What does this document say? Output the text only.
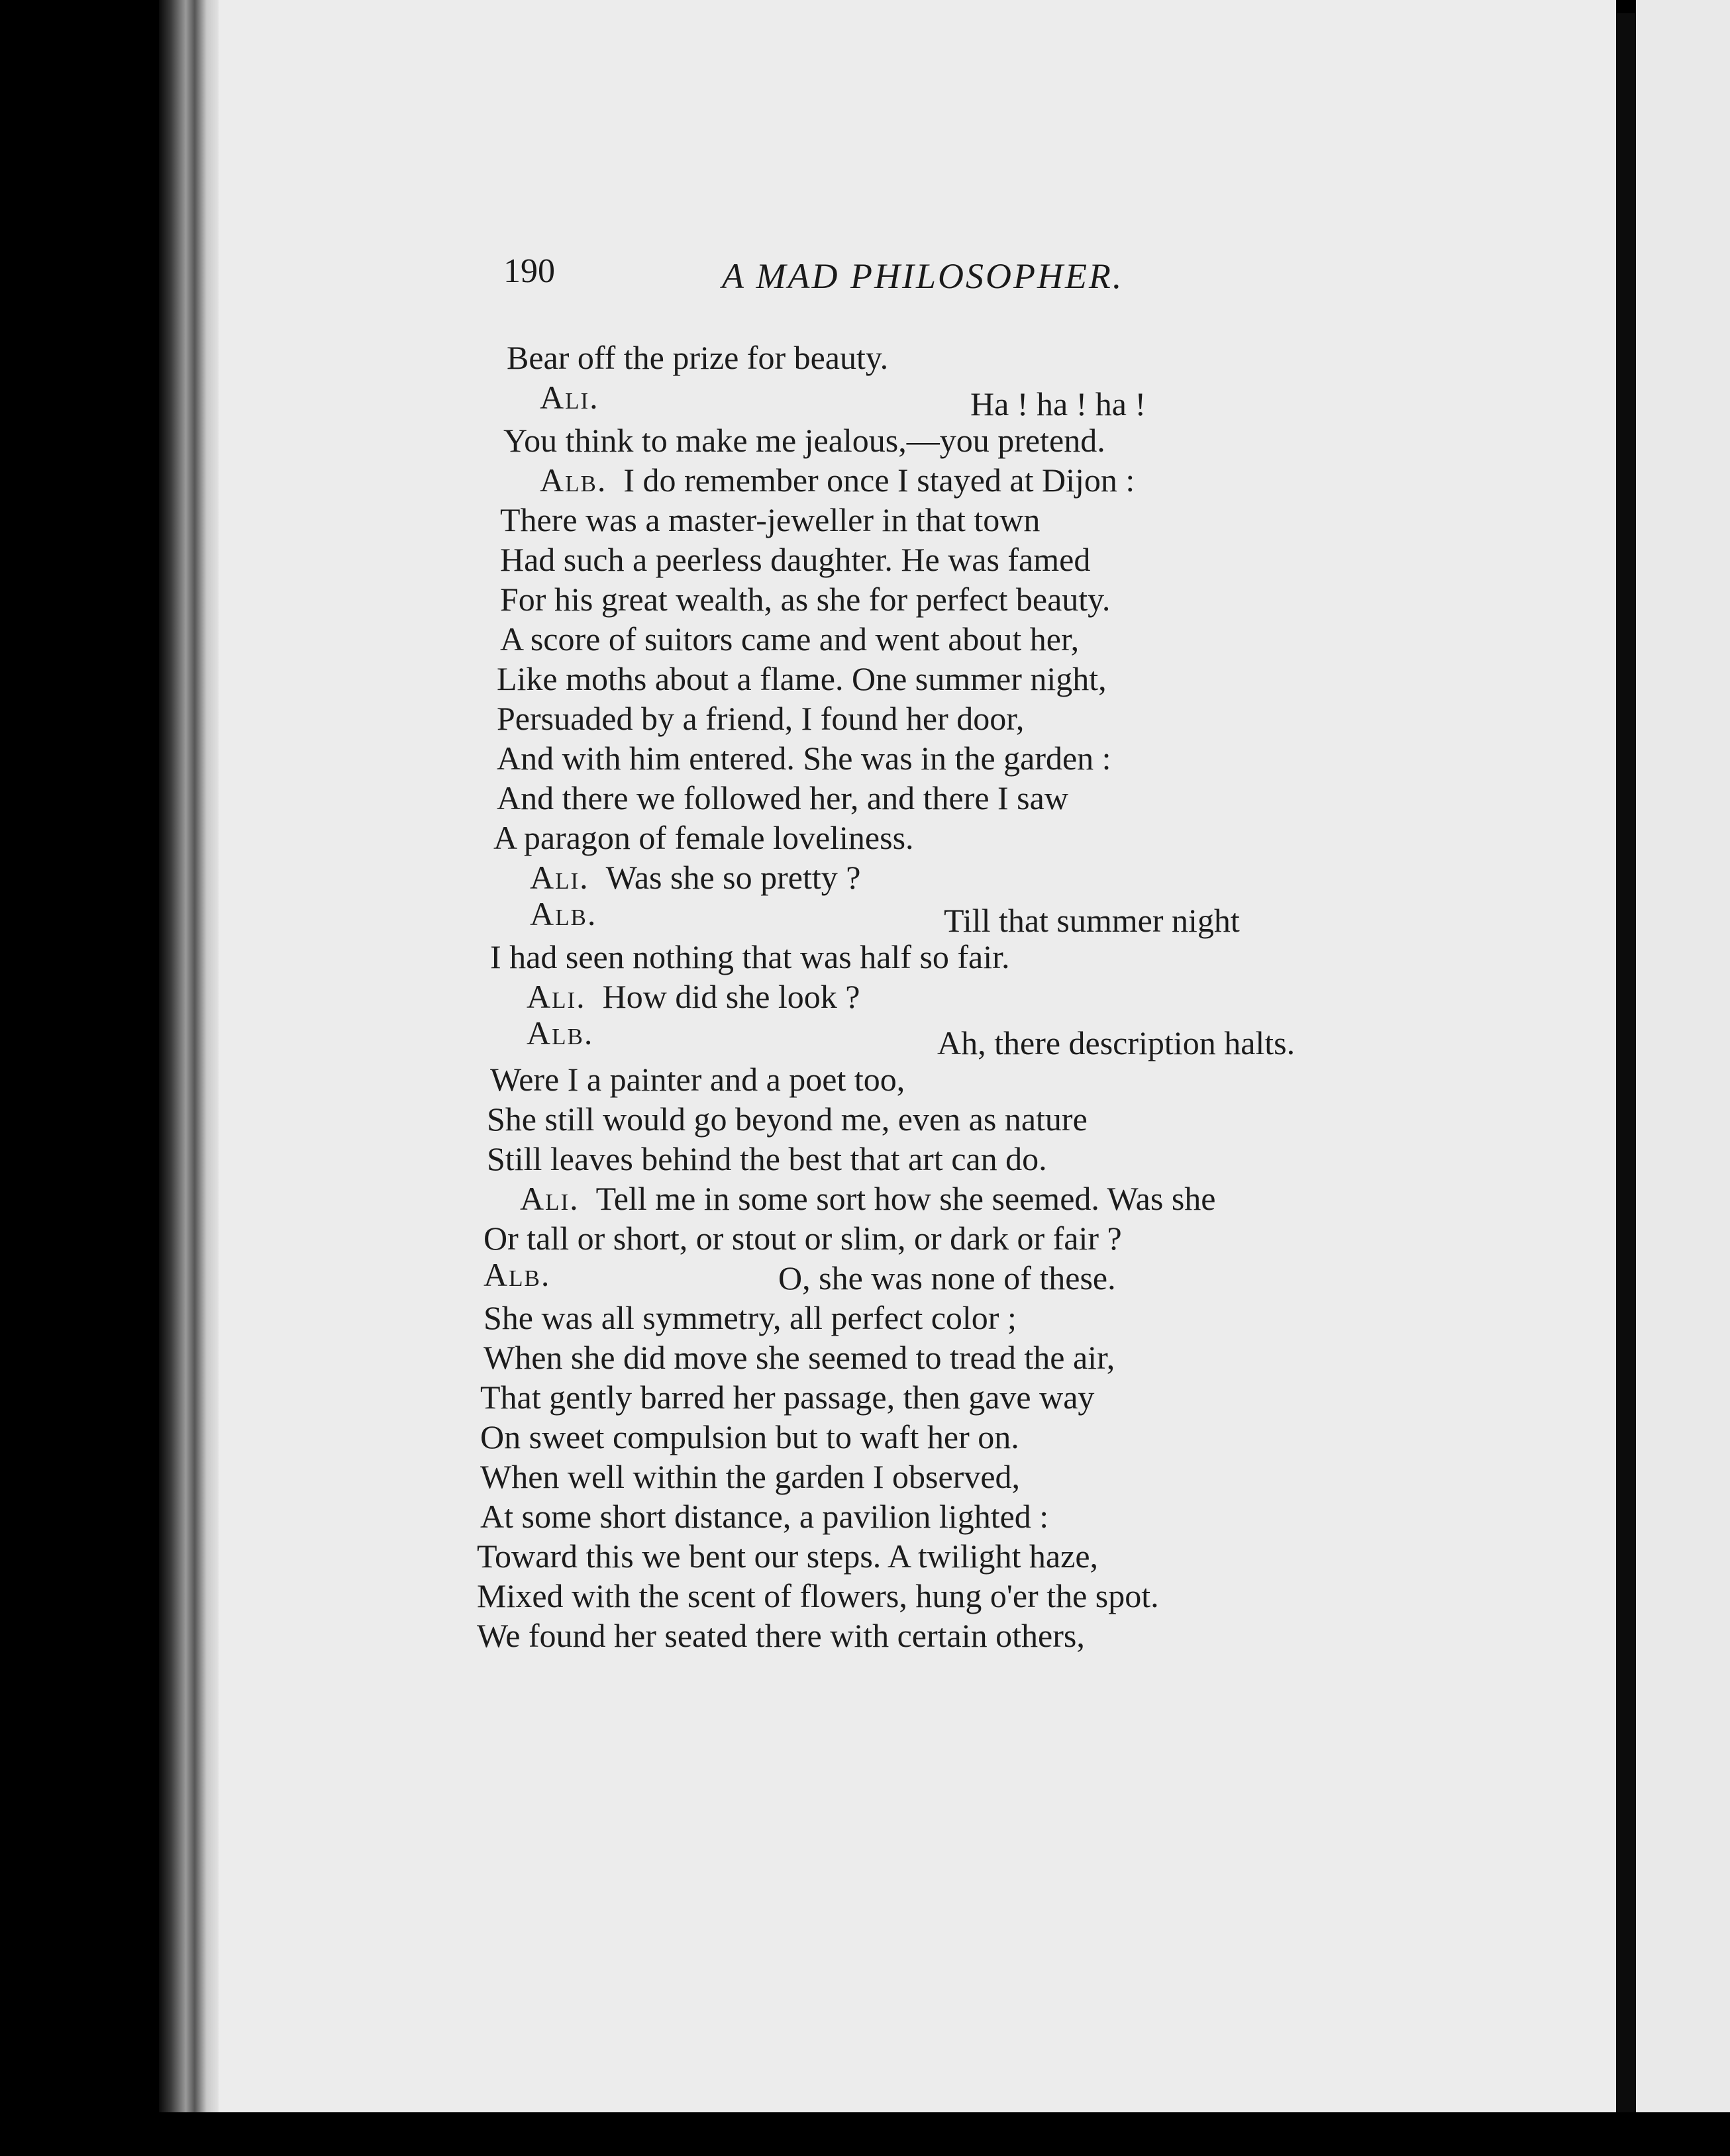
190	A MAD PHILOSOPHER.
Bear off the prize for beauty.
Ali.	Ha ! ha ! ha !
You think to make me jealous,—you pretend.
Alb. I do remember once I stayed at Dijon :
There was a master-jeweller in that town
Had such a peerless daughter. He was famed
For his great wealth, as she for perfect beauty.
A score of suitors came and went about her,
Like moths about a flame. One summer night,
Persuaded by a friend, I found her door,
And with him entered. She was in the garden :
And there we followed her, and there I saw
A paragon of female loveliness.
Ali. Was she so pretty ?
Alb.	Till that summer night
I had seen nothing that was half so fair.
Ali. How did she look ?
Alb.	Ah, there description halts.
Were I a painter and a poet too,
She still would go beyond me, even as nature
Still leaves behind the best that art can do.
Ali. Tell me in some sort how she seemed. Was she
Or tall or short, or stout or slim, or dark or fair ?
Alb.	O, she was none of these.
She was all symmetry, all perfect color ;
When she did move she seemed to tread the air,
That gently barred her passage, then gave way
On sweet compulsion but to waft her on.
When well within the garden I observed,
At some short distance, a pavilion lighted :
Toward this we bent our steps. A twilight haze,
Mixed with the scent of flowers, hung o'er the spot.
We found her seated there with certain others,
